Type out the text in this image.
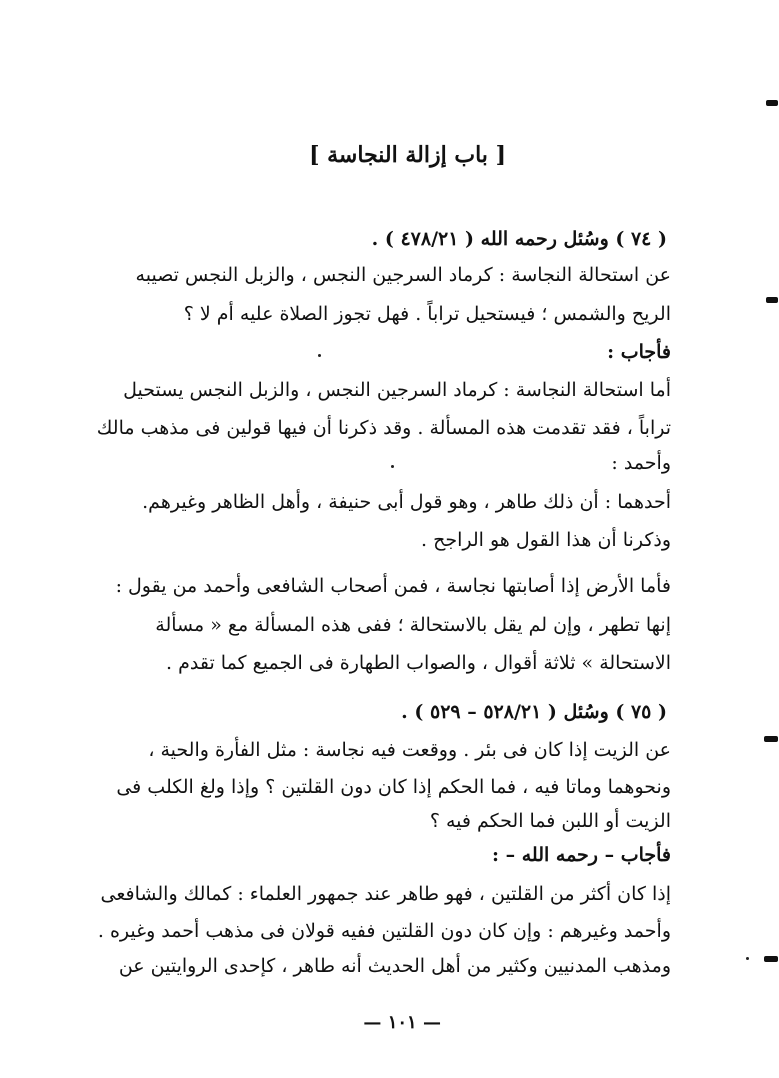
[ باب إزالة النجاسة ]
( ٧٤ ) وسُئل رحمه الله ( ٤٧٨/٢١ ) .
عن استحالة النجاسة : كرماد السرجين النجس ، والزبل النجس تصيبه
الريح والشمس ؛ فيستحيل تراباً . فهل تجوز الصلاة عليه أم لا ؟
فأجاب :
أما استحالة النجاسة : كرماد السرجين النجس ، والزبل النجس يستحيل
تراباً ، فقد تقدمت هذه المسألة . وقد ذكرنا أن فيها قولين فى مذهب مالك
وأحمد :
أحدهما : أن ذلك طاهر ، وهو قول أبى حنيفة ، وأهل الظاهر وغيرهم.
وذكرنا أن هذا القول هو الراجح .
فأما الأرض إذا أصابتها نجاسة ، فمن أصحاب الشافعى وأحمد من يقول :
إنها تطهر ، وإن لم يقل بالاستحالة ؛ ففى هذه المسألة مع « مسألة
الاستحالة » ثلاثة أقوال ، والصواب الطهارة فى الجميع كما تقدم .
( ٧٥ ) وسُئل ( ٥٢٨/٢١ – ٥٢٩ ) .
عن الزيت إذا كان فى بئر . ووقعت فيه نجاسة : مثل الفأرة والحية ،
ونحوهما وماتا فيه ، فما الحكم إذا كان دون القلتين ؟ وإذا ولغ الكلب فى
الزيت أو اللبن فما الحكم فيه ؟
فأجاب – رحمه الله – :
إذا كان أكثر من القلتين ، فهو طاهر عند جمهور العلماء : كمالك والشافعى
وأحمد وغيرهم : وإن كان دون القلتين ففيه قولان فى مذهب أحمد وغيره .
ومذهب المدنيين وكثير من أهل الحديث أنه طاهر ، كإحدى الروايتين عن
— ١٠١ —
